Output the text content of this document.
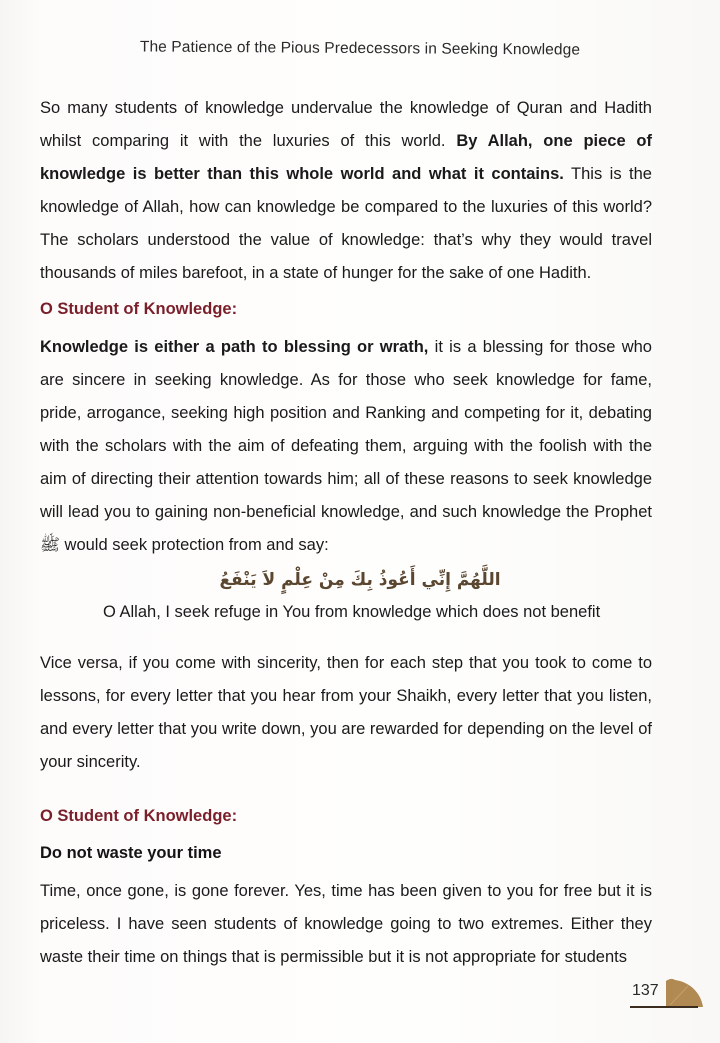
The Patience of the Pious Predecessors in Seeking Knowledge

So many students of knowledge undervalue the knowledge of Quran and Hadith whilst comparing it with the luxuries of this world. By Allah, one piece of knowledge is better than this whole world and what it contains. This is the knowledge of Allah, how can knowledge be compared to the luxuries of this world? The scholars understood the value of knowledge: that’s why they would travel thousands of miles barefoot, in a state of hunger for the sake of one Hadith.

O Student of Knowledge:

Knowledge is either a path to blessing or wrath, it is a blessing for those who are sincere in seeking knowledge. As for those who seek knowledge for fame, pride, arrogance, seeking high position and Ranking and competing for it, debating with the scholars with the aim of defeating them, arguing with the foolish with the aim of directing their attention towards him; all of these reasons to seek knowledge will lead you to gaining non-beneficial knowledge, and such knowledge the Prophet ﷺ would seek protection from and say:

اللَّهُمَّ إِنِّي أَعُوذُ بِكَ مِنْ عِلْمٍ لاَ يَنْفَعُ
O Allah, I seek refuge in You from knowledge which does not benefit

Vice versa, if you come with sincerity, then for each step that you took to come to lessons, for every letter that you hear from your Shaikh, every letter that you listen, and every letter that you write down, you are rewarded for depending on the level of your sincerity.

O Student of Knowledge:

Do not waste your time

Time, once gone, is gone forever. Yes, time has been given to you for free but it is priceless. I have seen students of knowledge going to two extremes. Either they waste their time on things that is permissible but it is not appropriate for students

137
